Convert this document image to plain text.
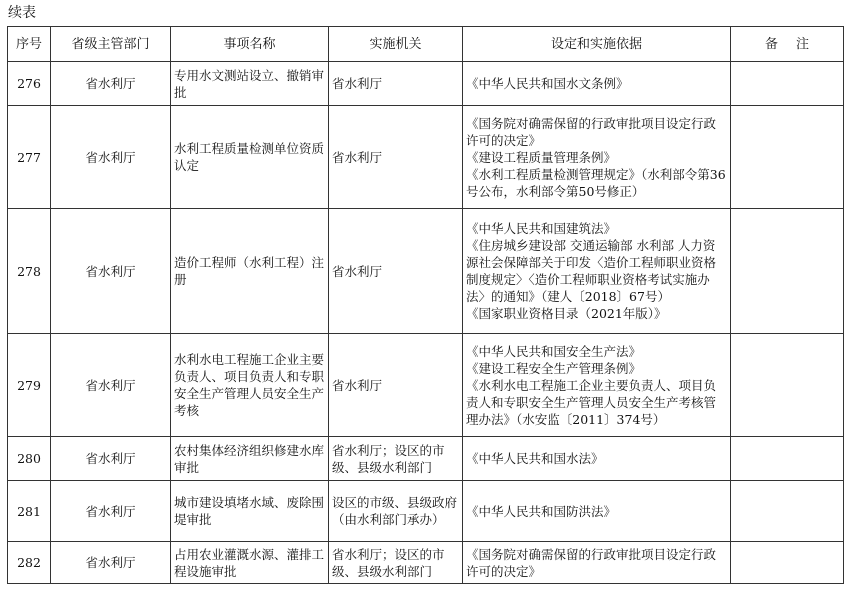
续表
序号	省级主管部门	事项名称	实施机关	设定和实施依据	备注
276	省水利厅	专用水文测站设立、撤销审批	省水利厅	《中华人民共和国水文条例》	

277	省水利厅	水利工程质量检测单位资质认定	省水利厅	《国务院对确需保留的行政审批项目设定行政许可的决定》
《建设工程质量管理条例》
《水利工程质量检测管理规定》（水利部令第36号公布，水利部令第50号修正）	

278	省水利厅	造价工程师（水利工程）注册	省水利厅	《中华人民共和国建筑法》
《住房城乡建设部 交通运输部 水利部 人力资源社会保障部关于印发〈造价工程师职业资格制度规定〉〈造价工程师职业资格考试实施办法〉的通知》（建人〔2018〕67号）
《国家职业资格目录（2021年版）》	

279	省水利厅	水利水电工程施工企业主要负责人、项目负责人和专职安全生产管理人员安全生产考核	省水利厅	《中华人民共和国安全生产法》
《建设工程安全生产管理条例》
《水利水电工程施工企业主要负责人、项目负责人和专职安全生产管理人员安全生产考核管理办法》（水安监〔2011〕374号）	

280	省水利厅	农村集体经济组织修建水库审批	省水利厅；设区的市级、县级水利部门	《中华人民共和国水法》	

281	省水利厅	城市建设填堵水域、废除围堤审批	设区的市级、县级政府（由水利部门承办）	《中华人民共和国防洪法》	

282	省水利厅	占用农业灌溉水源、灌排工程设施审批	省水利厅；设区的市级、县级水利部门	《国务院对确需保留的行政审批项目设定行政许可的决定》	
